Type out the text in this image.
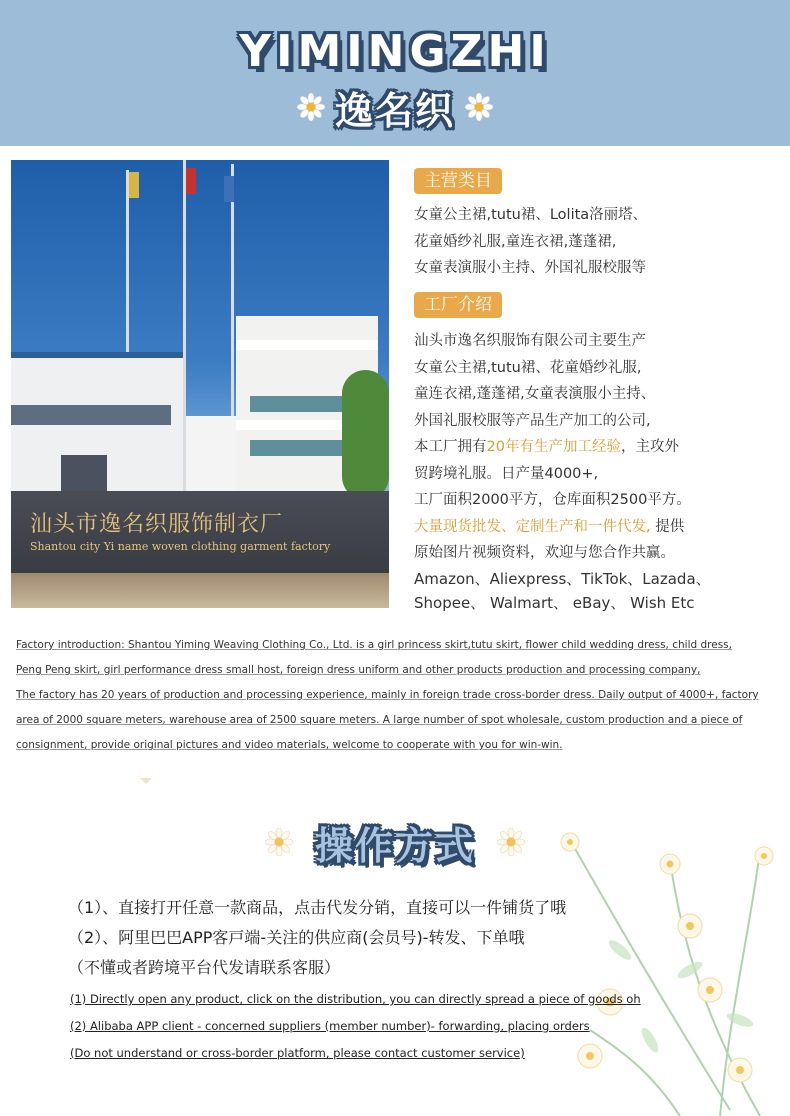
YIMINGZHI
逸名织
汕头市逸名织服饰制衣厂
Shantou city Yi name woven clothing garment factory
主营类目
女童公主裙,tutu裙、Lolita洛丽塔、
花童婚纱礼服,童连衣裙,蓬蓬裙,
女童表演服小主持、外国礼服校服等
工厂介绍
汕头市逸名织服饰有限公司主要生产
女童公主裙,tutu裙、花童婚纱礼服,
童连衣裙,蓬蓬裙,女童表演服小主持、
外国礼服校服等产品生产加工的公司,
本工厂拥有20年有生产加工经验，主攻外
贸跨境礼服。日产量4000+,
工厂面积2000平方，仓库面积2500平方。
大量现货批发、定制生产和一件代发, 提供
原始图片视频资料，欢迎与您合作共赢。
Amazon、Aliexpress、TikTok、Lazada、
Shopee、 Walmart、 eBay、 Wish Etc
Factory introduction: Shantou Yiming Weaving Clothing Co., Ltd. is a girl princess skirt,tutu skirt, flower child wedding dress, child dress,
Peng Peng skirt, girl performance dress small host, foreign dress uniform and other products production and processing company,
The factory has 20 years of production and processing experience, mainly in foreign trade cross-border dress. Daily output of 4000+, factory
area of 2000 square meters, warehouse area of 2500 square meters. A large number of spot wholesale, custom production and a piece of
consignment, provide original pictures and video materials, welcome to cooperate with you for win-win.
操作方式
（1）、直接打开任意一款商品，点击代发分销，直接可以一件铺货了哦
（2）、阿里巴巴APP客戸端-关注的供应商(会员号)-转发、下单哦
（不懂或者跨境平台代发请联系客服）
(1) Directly open any product, click on the distribution, you can directly spread a piece of goods oh
(2) Alibaba APP client - concerned suppliers (member number)- forwarding, placing orders
(Do not understand or cross-border platform, please contact customer service)
